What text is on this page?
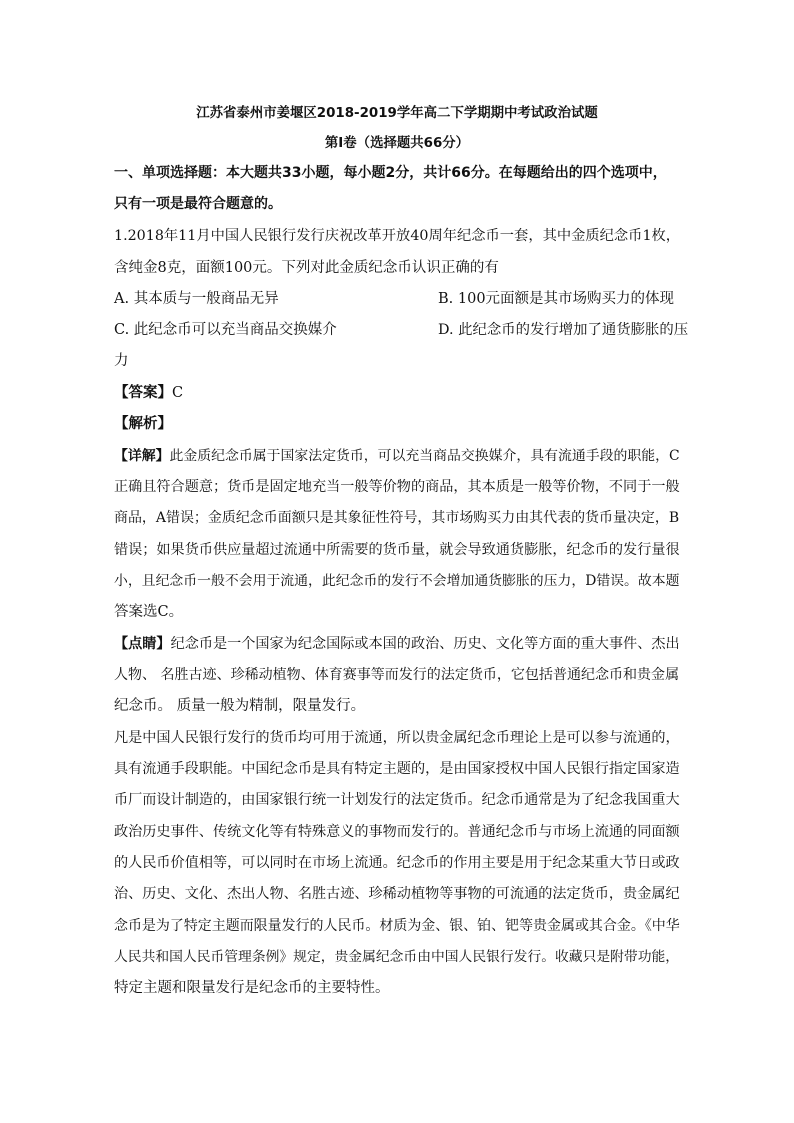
江苏省泰州市姜堰区2018-2019学年高二下学期期中考试政治试题
第Ⅰ卷（选择题共66分）
一、单项选择题：本大题共33小题，每小题2分，共计66分。在每题给出的四个选项中，
只有一项是最符合题意的。
1.2018年11月中国人民银行发行庆祝改革开放40周年纪念币一套，其中金质纪念币1枚，
含纯金8克，面额100元。下列对此金质纪念币认识正确的有
A. 其本质与一般商品无异	B. 100元面额是其市场购买力的体现
C. 此纪念币可以充当商品交换媒介	D. 此纪念币的发行增加了通货膨胀的压
力
【答案】C
【解析】
【详解】此金质纪念币属于国家法定货币，可以充当商品交换媒介，具有流通手段的职能，C
正确且符合题意；货币是固定地充当一般等价物的商品，其本质是一般等价物，不同于一般
商品，A错误；金质纪念币面额只是其象征性符号，其市场购买力由其代表的货币量决定，B
错误；如果货币供应量超过流通中所需要的货币量，就会导致通货膨胀，纪念币的发行量很
小，且纪念币一般不会用于流通，此纪念币的发行不会增加通货膨胀的压力，D错误。故本题
答案选C。
【点睛】纪念币是一个国家为纪念国际或本国的政治、历史、文化等方面的重大事件、杰出
人物、 名胜古迹、珍稀动植物、体育赛事等而发行的法定货币，它包括普通纪念币和贵金属
纪念币。 质量一般为精制，限量发行。
凡是中国人民银行发行的货币均可用于流通，所以贵金属纪念币理论上是可以参与流通的，
具有流通手段职能。中国纪念币是具有特定主题的，是由国家授权中国人民银行指定国家造
币厂而设计制造的，由国家银行统一计划发行的法定货币。纪念币通常是为了纪念我国重大
政治历史事件、传统文化等有特殊意义的事物而发行的。普通纪念币与市场上流通的同面额
的人民币价值相等，可以同时在市场上流通。纪念币的作用主要是用于纪念某重大节日或政
治、历史、文化、杰出人物、名胜古迹、珍稀动植物等事物的可流通的法定货币，贵金属纪
念币是为了特定主题而限量发行的人民币。材质为金、银、铂、钯等贵金属或其合金。《中华
人民共和国人民币管理条例》规定，贵金属纪念币由中国人民银行发行。收藏只是附带功能，
特定主题和限量发行是纪念币的主要特性。
